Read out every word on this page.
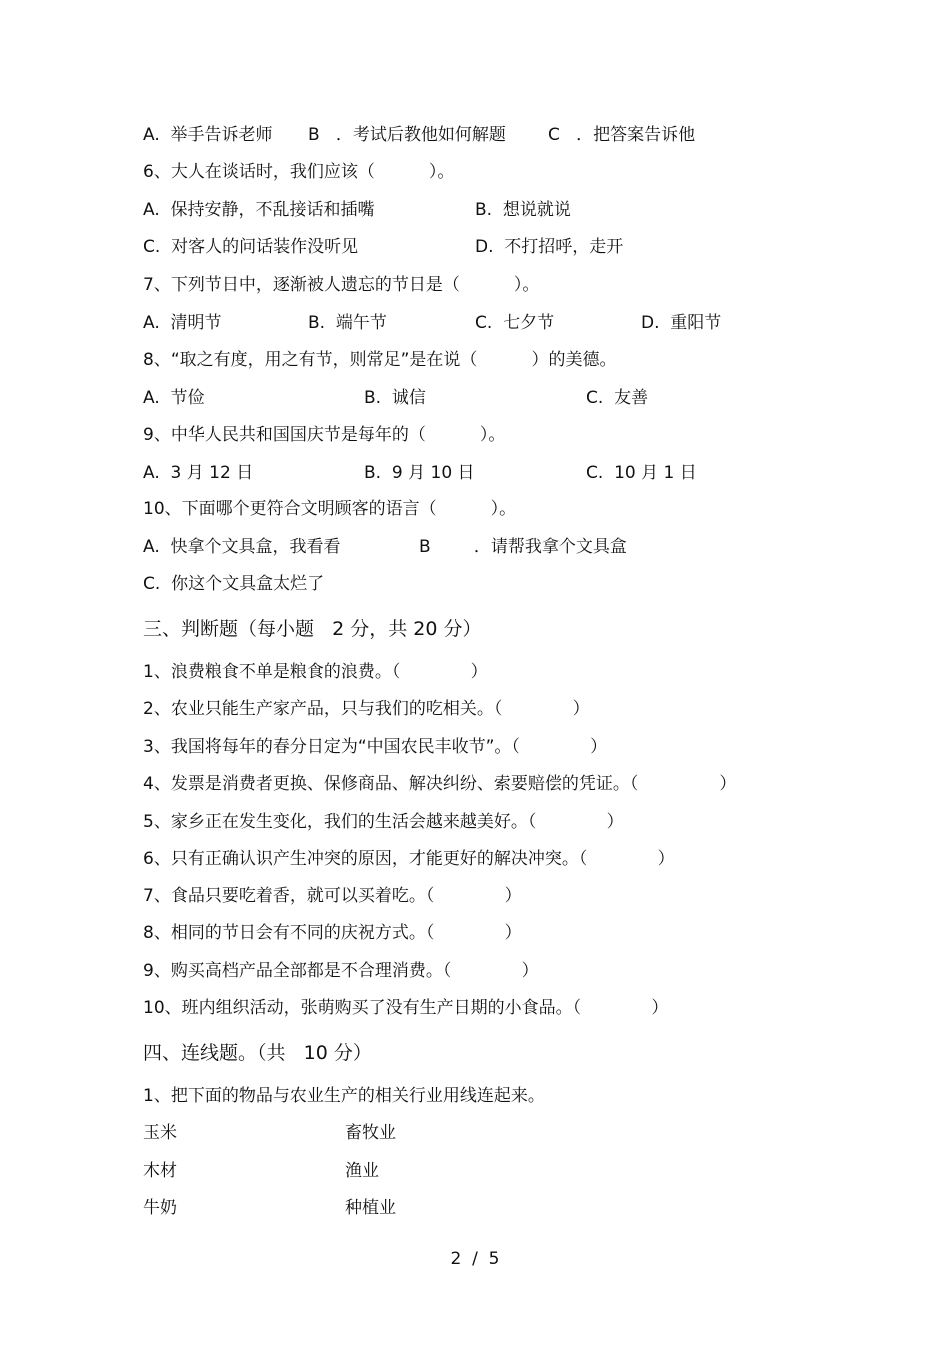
A.  举手告诉老师 B   ．考试后教他如何解题 C   ．把答案告诉他
6、大人在谈话时，我们应该（          ）。
A.  保持安静，不乱接话和插嘴	B.  想说就说
C.  对客人的问话装作没听见	D.  不打招呼，走开
7、下列节日中，逐渐被人遗忘的节日是（          ）。
A.  清明节	B.  端午节	C.  七夕节	D.  重阳节
8、“取之有度，用之有节，则常足”是在说（          ）的美德。
A.  节俭	B.  诚信	C.  友善
9、中华人民共和国国庆节是每年的（          ）。
A.  3 月 12 日	B.  9 月 10 日	C.  10 月 1 日
10、下面哪个更符合文明顾客的语言（          ）。
A.  快拿个文具盒，我看看	B        ．请帮我拿个文具盒
C.  你这个文具盒太烂了
三、判断题（每小题   2 分，共 20 分）
1、浪费粮食不单是粮食的浪费。（             ）
2、农业只能生产家产品，只与我们的吃相关。（             ）
3、我国将每年的春分日定为“中国农民丰收节”。（             ）
4、发票是消费者更换、保修商品、解决纠纷、索要赔偿的凭证。（               ）
5、家乡正在发生变化，我们的生活会越来越美好。（             ）
6、只有正确认识产生冲突的原因，才能更好的解决冲突。（             ）
7、食品只要吃着香，就可以买着吃。（             ）
8、相同的节日会有不同的庆祝方式。（             ）
9、购买高档产品全部都是不合理消费。（             ）
10、班内组织活动，张萌购买了没有生产日期的小食品。（             ）
四、连线题。（共   10 分）
1、把下面的物品与农业生产的相关行业用线连起来。
玉米	畜牧业
木材	渔业
牛奶	种植业
2  /  5
